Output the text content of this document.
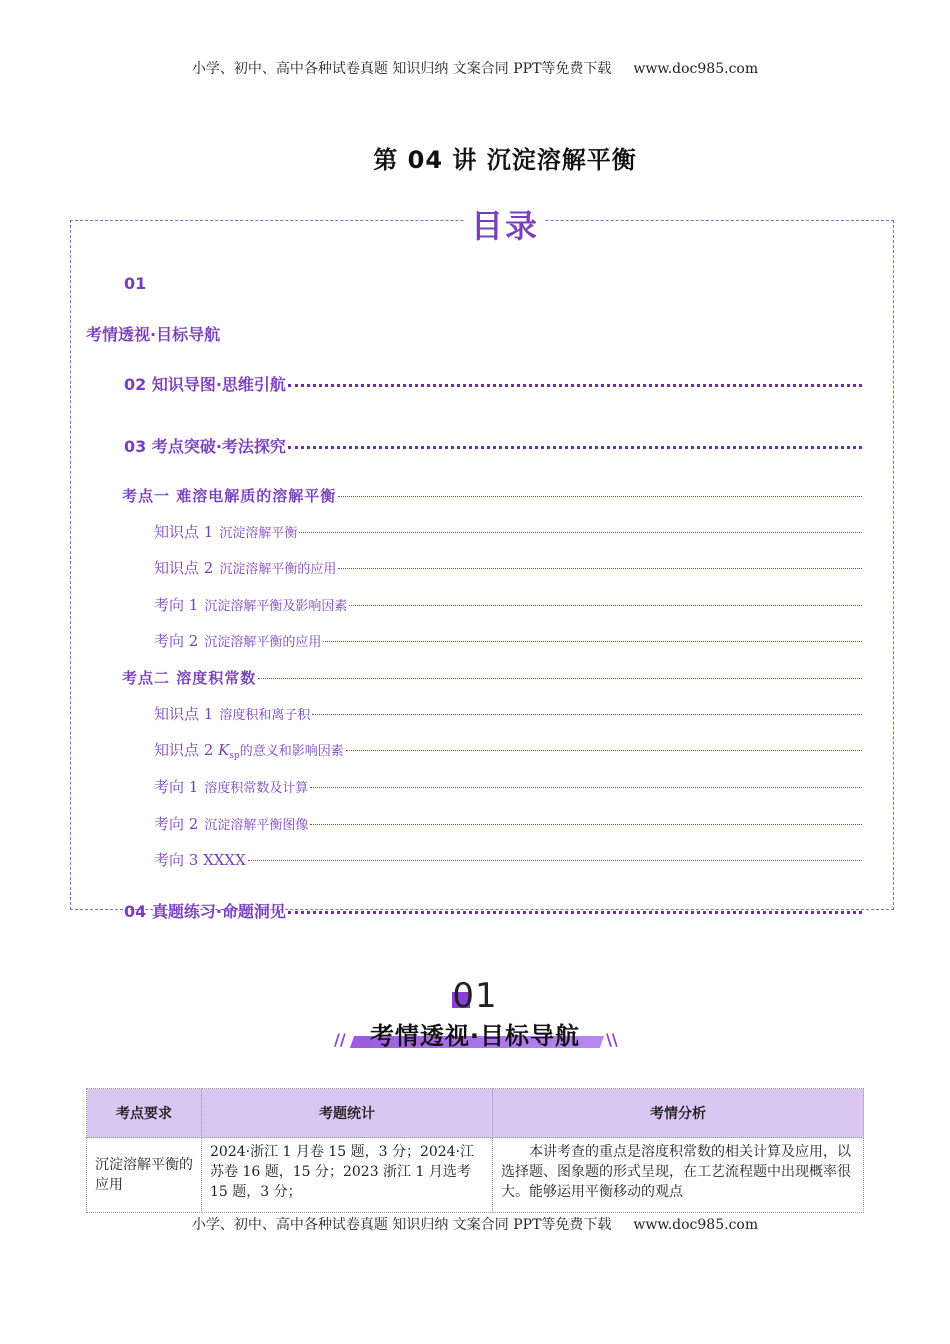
小学、初中、高中各种试卷真题 知识归纳 文案合同 PPT等免费下载 www.doc985.com
第 04 讲 沉淀溶解平衡
目录
01
考情透视·目标导航
02 知识导图·思维引航
03 考点突破·考法探究
考点一 难溶电解质的溶解平衡
知识点 1 沉淀溶解平衡
知识点 2 沉淀溶解平衡的应用
考向 1 沉淀溶解平衡及影响因素
考向 2 沉淀溶解平衡的应用
考点二 溶度积常数
知识点 1 溶度积和离子积
知识点 2 $K_{sp}$的意义和影响因素
考向 1 溶度积常数及计算
考向 2 沉淀溶解平衡图像
考向 3 XXXX
04 真题练习·命题洞见
01
//	\\
考情透视·目标导航
考点要求	考题统计	考情分析
沉淀溶解平衡的应用	2024·浙江 1 月卷 15 题，3 分；2024·江苏卷 16 题，15 分；2023 浙江 1 月选考 15 题，3 分；	本讲考查的重点是溶度积常数的相关计算及应用，以选择题、图象题的形式呈现，在工艺流程题中出现概率很大。能够运用平衡移动的观点
小学、初中、高中各种试卷真题 知识归纳 文案合同 PPT等免费下载 www.doc985.com
